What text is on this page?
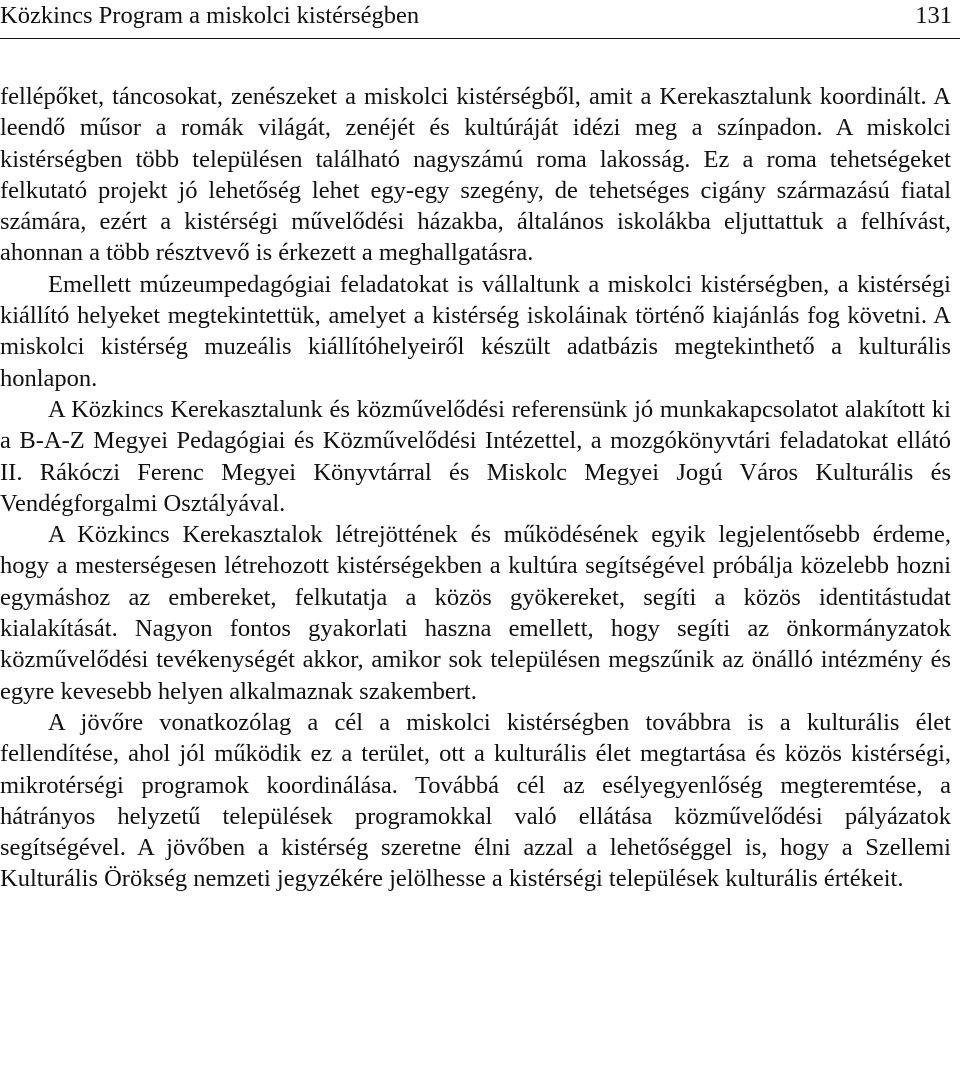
Közkincs Program a miskolci kistérségben	131

fellépőket, táncosokat, zenészeket a miskolci kistérségből, amit a Kerekasztalunk koordinált. A leendő műsor a romák világát, zenéjét és kultúráját idézi meg a színpadon. A miskolci kistérségben több településen található nagyszámú roma lakosság. Ez a roma tehetségeket felkutató projekt jó lehetőség lehet egy-egy szegény, de tehetséges cigány származású fiatal számára, ezért a kistérségi művelődési házakba, általános iskolákba eljuttattuk a felhívást, ahonnan a több résztvevő is érkezett a meghallgatásra.

Emellett múzeumpedagógiai feladatokat is vállaltunk a miskolci kistérségben, a kistérségi kiállító helyeket megtekintettük, amelyet a kistérség iskoláinak történő kiajánlás fog követni. A miskolci kistérség muzeális kiállítóhelyeiről készült adatbázis megtekinthető a kulturális honlapon.

A Közkincs Kerekasztalunk és közművelődési referensünk jó munkakapcsolatot alakított ki a B-A-Z Megyei Pedagógiai és Közművelődési Intézettel, a mozgókönyvtári feladatokat ellátó II. Rákóczi Ferenc Megyei Könyvtárral és Miskolc Megyei Jogú Város Kulturális és Vendégforgalmi Osztályával.

A Közkincs Kerekasztalok létrejöttének és működésének egyik legjelentősebb érdeme, hogy a mesterségesen létrehozott kistérségekben a kultúra segítségével próbálja közelebb hozni egymáshoz az embereket, felkutatja a közös gyökereket, segíti a közös identitástudat kialakítását. Nagyon fontos gyakorlati haszna emellett, hogy segíti az önkormányzatok közművelődési tevékenységét akkor, amikor sok településen megszűnik az önálló intézmény és egyre kevesebb helyen alkalmaznak szakembert.

A jövőre vonatkozólag a cél a miskolci kistérségben továbbra is a kulturális élet fellendítése, ahol jól működik ez a terület, ott a kulturális élet megtartása és közös kistérségi, mikrotérségi programok koordinálása. Továbbá cél az esélyegyenlőség megteremtése, a hátrányos helyzetű települések programokkal való ellátása közművelődési pályázatok segítségével. A jövőben a kistérség szeretne élni azzal a lehetőséggel is, hogy a Szellemi Kulturális Örökség nemzeti jegyzékére jelölhesse a kistérségi települések kulturális értékeit.
